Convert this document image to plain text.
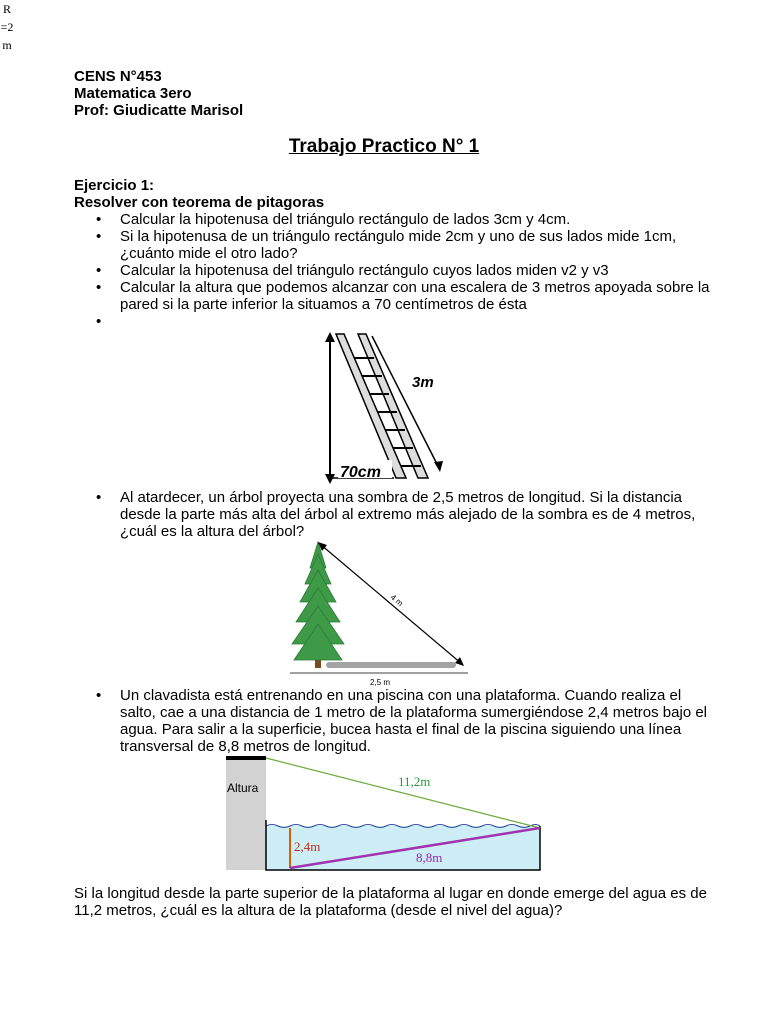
R=2m
CENS N°453
Matematica 3ero
Prof: Giudicatte Marisol
Trabajo Practico N° 1
Ejercicio 1:
Resolver con teorema de pitagoras
• Calcular la hipotenusa del triángulo rectángulo de lados 3cm y 4cm.
• Si la hipotenusa de un triángulo rectángulo mide 2cm y uno de sus lados mide 1cm, ¿cuánto mide el otro lado?
• Calcular la hipotenusa del triángulo rectángulo cuyos lados miden v2 y v3
• Calcular la altura que podemos alcanzar con una escalera de 3 metros apoyada sobre la pared si la parte inferior la situamos a 70 centímetros de ésta
•
3m
70cm
• Al atardecer, un árbol proyecta una sombra de 2,5 metros de longitud. Si la distancia desde la parte más alta del árbol al extremo más alejado de la sombra es de 4 metros, ¿cuál es la altura del árbol?
4 m
2,5 m
• Un clavadista está entrenando en una piscina con una plataforma. Cuando realiza el salto, cae a una distancia de 1 metro de la plataforma sumergiéndose 2,4 metros bajo el agua. Para salir a la superficie, bucea hasta el final de la piscina siguiendo una línea transversal de 8,8 metros de longitud.
Altura	11,2m
2,4m
8,8m
Si la longitud desde la parte superior de la plataforma al lugar en donde emerge del agua es de 11,2 metros, ¿cuál es la altura de la plataforma (desde el nivel del agua)?
